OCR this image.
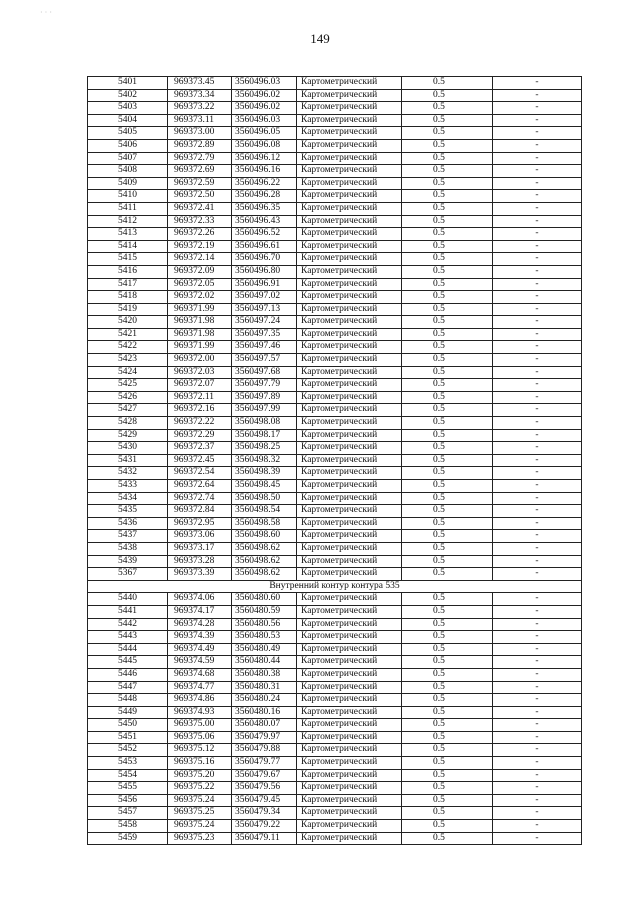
149
5401	969373.45	3560496.03	Картометрический	0.5	-
5402	969373.34	3560496.02	Картометрический	0.5	-
5403	969373.22	3560496.02	Картометрический	0.5	-
5404	969373.11	3560496.03	Картометрический	0.5	-
5405	969373.00	3560496.05	Картометрический	0.5	-
5406	969372.89	3560496.08	Картометрический	0.5	-
5407	969372.79	3560496.12	Картометрический	0.5	-
5408	969372.69	3560496.16	Картометрический	0.5	-
5409	969372.59	3560496.22	Картометрический	0.5	-
5410	969372.50	3560496.28	Картометрический	0.5	-
5411	969372.41	3560496.35	Картометрический	0.5	-
5412	969372.33	3560496.43	Картометрический	0.5	-
5413	969372.26	3560496.52	Картометрический	0.5	-
5414	969372.19	3560496.61	Картометрический	0.5	-
5415	969372.14	3560496.70	Картометрический	0.5	-
5416	969372.09	3560496.80	Картометрический	0.5	-
5417	969372.05	3560496.91	Картометрический	0.5	-
5418	969372.02	3560497.02	Картометрический	0.5	-
5419	969371.99	3560497.13	Картометрический	0.5	-
5420	969371.98	3560497.24	Картометрический	0.5	-
5421	969371.98	3560497.35	Картометрический	0.5	-
5422	969371.99	3560497.46	Картометрический	0.5	-
5423	969372.00	3560497.57	Картометрический	0.5	-
5424	969372.03	3560497.68	Картометрический	0.5	-
5425	969372.07	3560497.79	Картометрический	0.5	-
5426	969372.11	3560497.89	Картометрический	0.5	-
5427	969372.16	3560497.99	Картометрический	0.5	-
5428	969372.22	3560498.08	Картометрический	0.5	-
5429	969372.29	3560498.17	Картометрический	0.5	-
5430	969372.37	3560498.25	Картометрический	0.5	-
5431	969372.45	3560498.32	Картометрический	0.5	-
5432	969372.54	3560498.39	Картометрический	0.5	-
5433	969372.64	3560498.45	Картометрический	0.5	-
5434	969372.74	3560498.50	Картометрический	0.5	-
5435	969372.84	3560498.54	Картометрический	0.5	-
5436	969372.95	3560498.58	Картометрический	0.5	-
5437	969373.06	3560498.60	Картометрический	0.5	-
5438	969373.17	3560498.62	Картометрический	0.5	-
5439	969373.28	3560498.62	Картометрический	0.5	-
5367	969373.39	3560498.62	Картометрический	0.5	-
Внутренний контур контура 535					
5440	969374.06	3560480.60	Картометрический	0.5	-
5441	969374.17	3560480.59	Картометрический	0.5	-
5442	969374.28	3560480.56	Картометрический	0.5	-
5443	969374.39	3560480.53	Картометрический	0.5	-
5444	969374.49	3560480.49	Картометрический	0.5	-
5445	969374.59	3560480.44	Картометрический	0.5	-
5446	969374.68	3560480.38	Картометрический	0.5	-
5447	969374.77	3560480.31	Картометрический	0.5	-
5448	969374.86	3560480.24	Картометрический	0.5	-
5449	969374.93	3560480.16	Картометрический	0.5	-
5450	969375.00	3560480.07	Картометрический	0.5	-
5451	969375.06	3560479.97	Картометрический	0.5	-
5452	969375.12	3560479.88	Картометрический	0.5	-
5453	969375.16	3560479.77	Картометрический	0.5	-
5454	969375.20	3560479.67	Картометрический	0.5	-
5455	969375.22	3560479.56	Картометрический	0.5	-
5456	969375.24	3560479.45	Картометрический	0.5	-
5457	969375.25	3560479.34	Картометрический	0.5	-
5458	969375.24	3560479.22	Картометрический	0.5	-
5459	969375.23	3560479.11	Картометрический	0.5	-
· · ·
